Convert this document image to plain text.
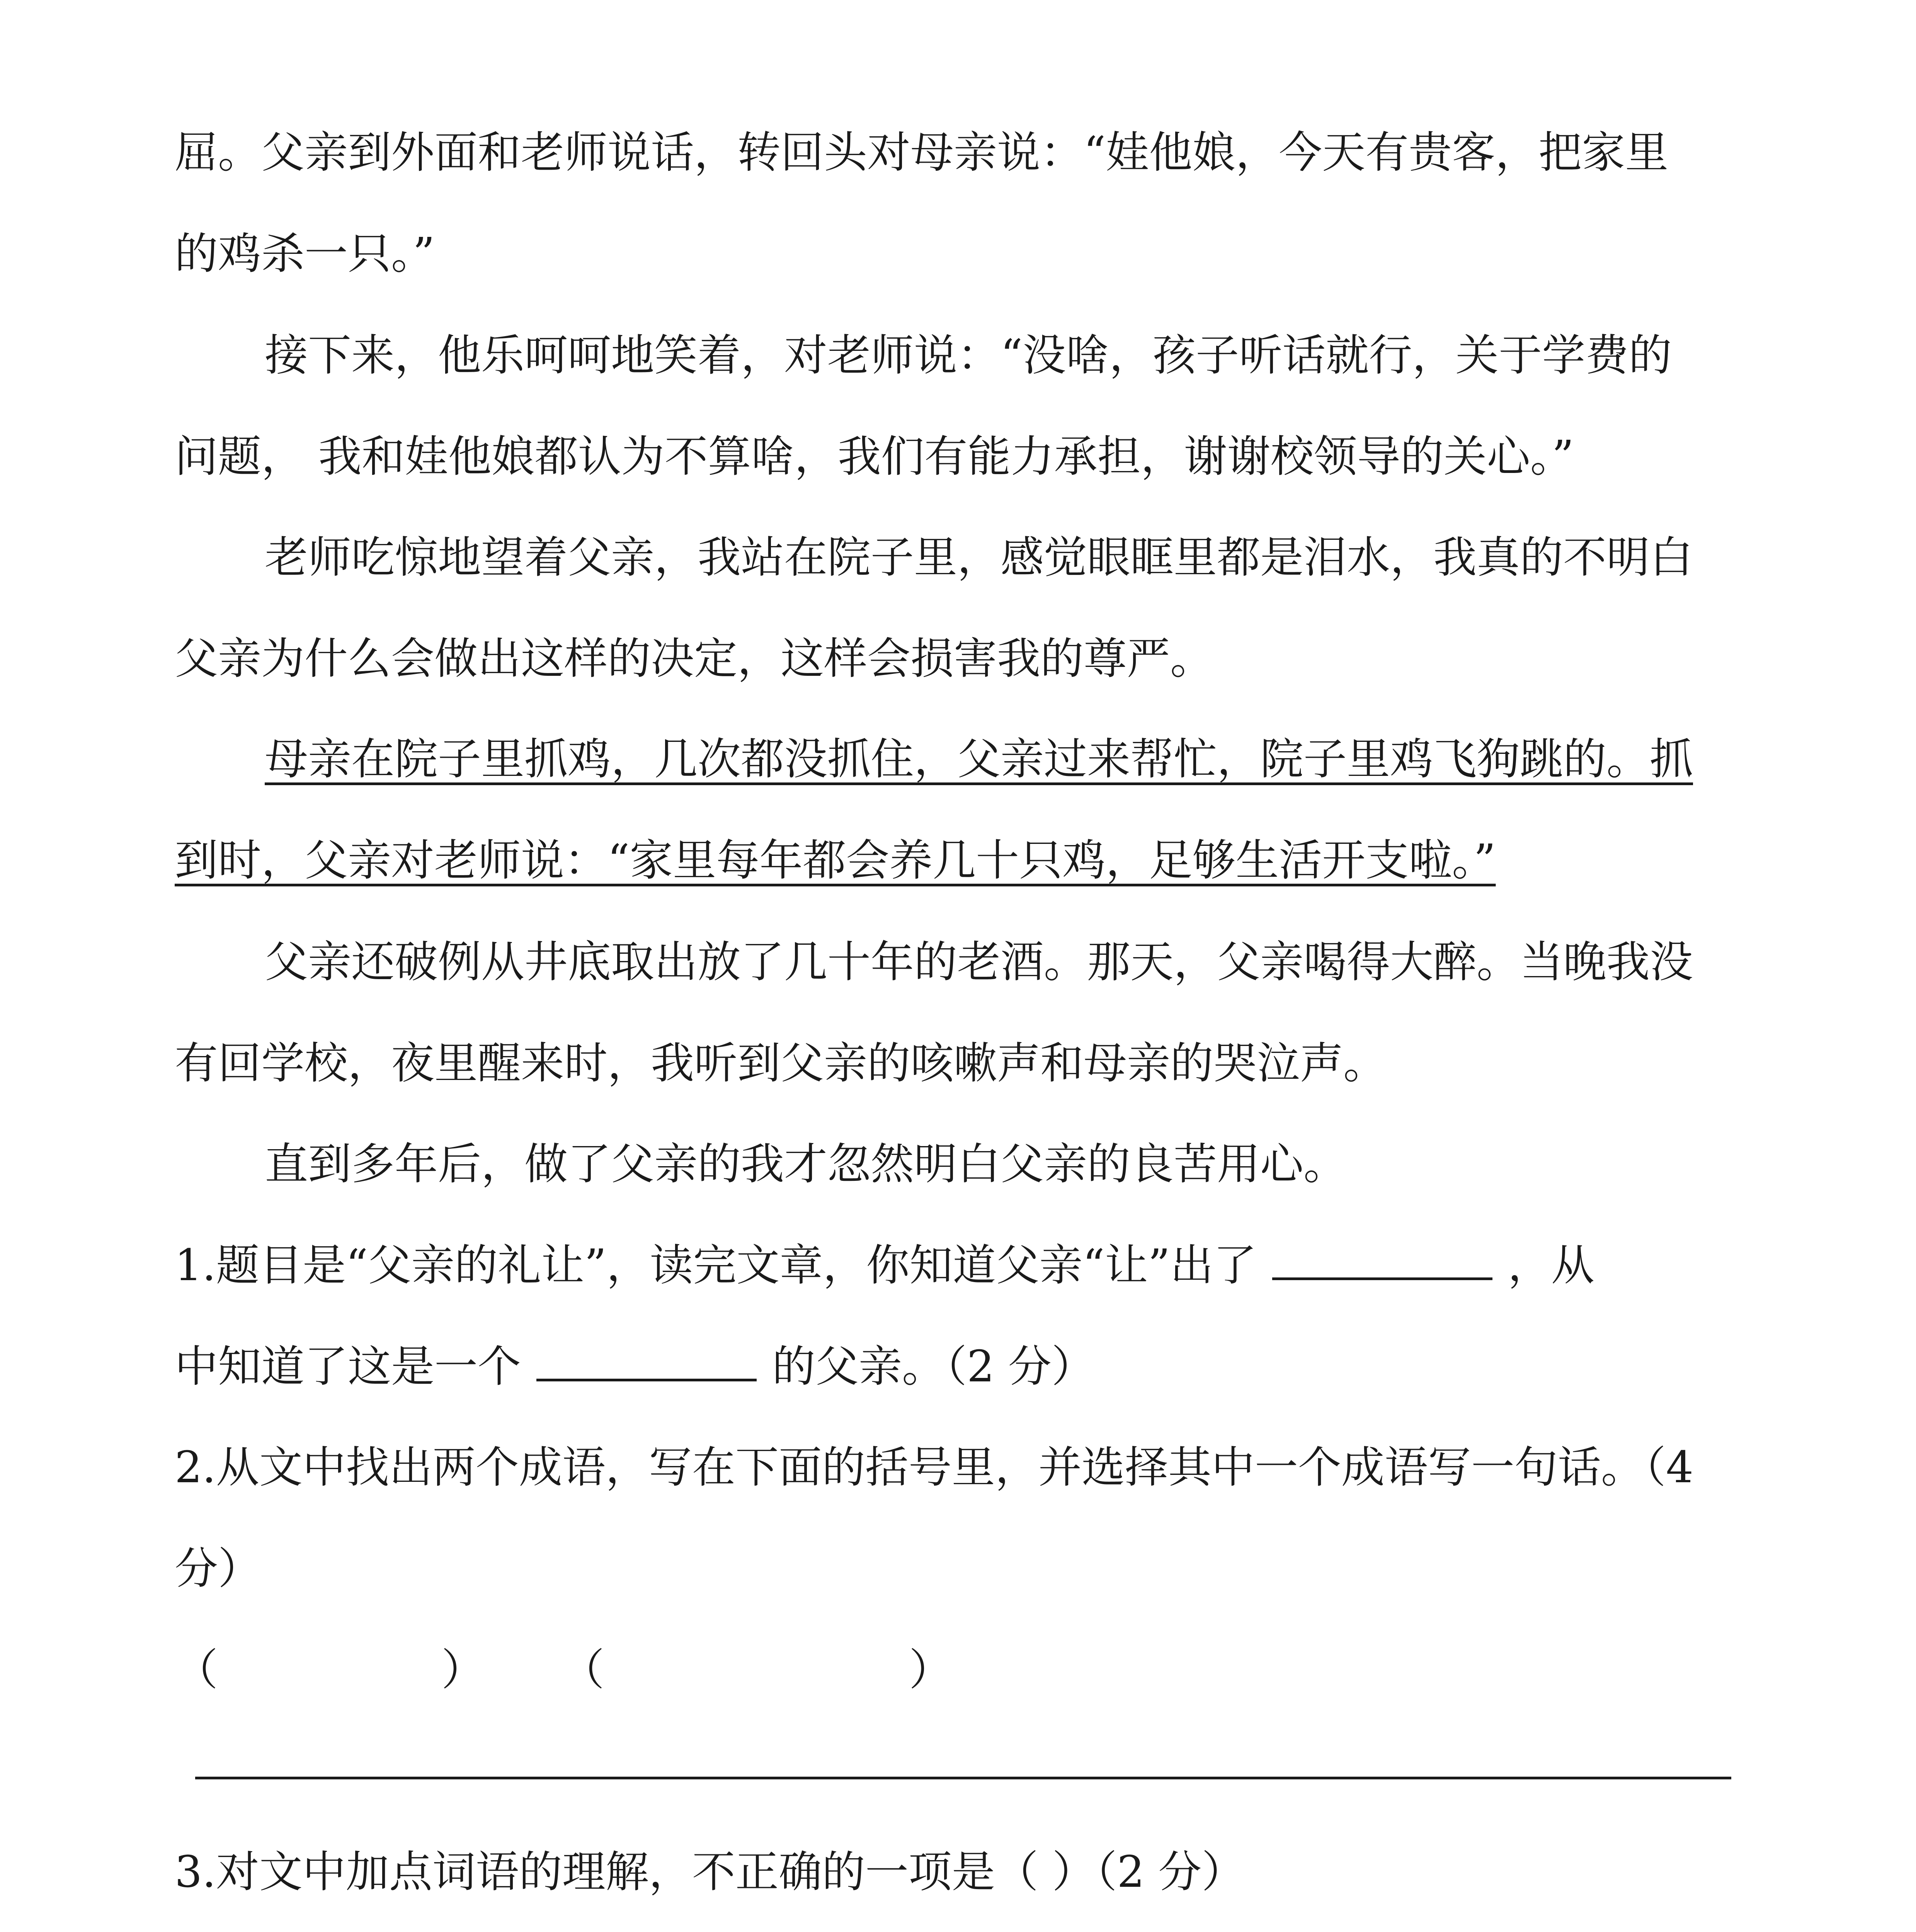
屈。父亲到外面和老师说话，转回头对母亲说：“娃他娘，今天有贵客，把家里
的鸡杀一只。”
接下来，他乐呵呵地笑着，对老师说：“没啥，孩子听话就行，关于学费的
问题， 我和娃他娘都认为不算啥，我们有能力承担，谢谢校领导的关心。”
老师吃惊地望着父亲，我站在院子里，感觉眼眶里都是泪水，我真的不明白
父亲为什么会做出这样的决定，这样会损害我的尊严。
母亲在院子里抓鸡，几次都没抓住，父亲过来帮忙，院子里鸡飞狗跳的。抓
到时，父亲对老师说：“家里每年都会养几十只鸡，足够生活开支啦。”
父亲还破例从井底取出放了几十年的老酒。那天，父亲喝得大醉。当晚我没
有回学校，夜里醒来时，我听到父亲的咳嗽声和母亲的哭泣声。
直到多年后，做了父亲的我才忽然明白父亲的良苦用心。
1.题目是“父亲的礼让”，读完文章，你知道父亲“让”出了	，从
中知道了这是一个	的父亲。（2 分）
2.从文中找出两个成语，写在下面的括号里，并选择其中一个成语写一句话。（4
分）
（	） （	）
3.对文中加点词语的理解，不正确的一项是（ ）（2 分）
